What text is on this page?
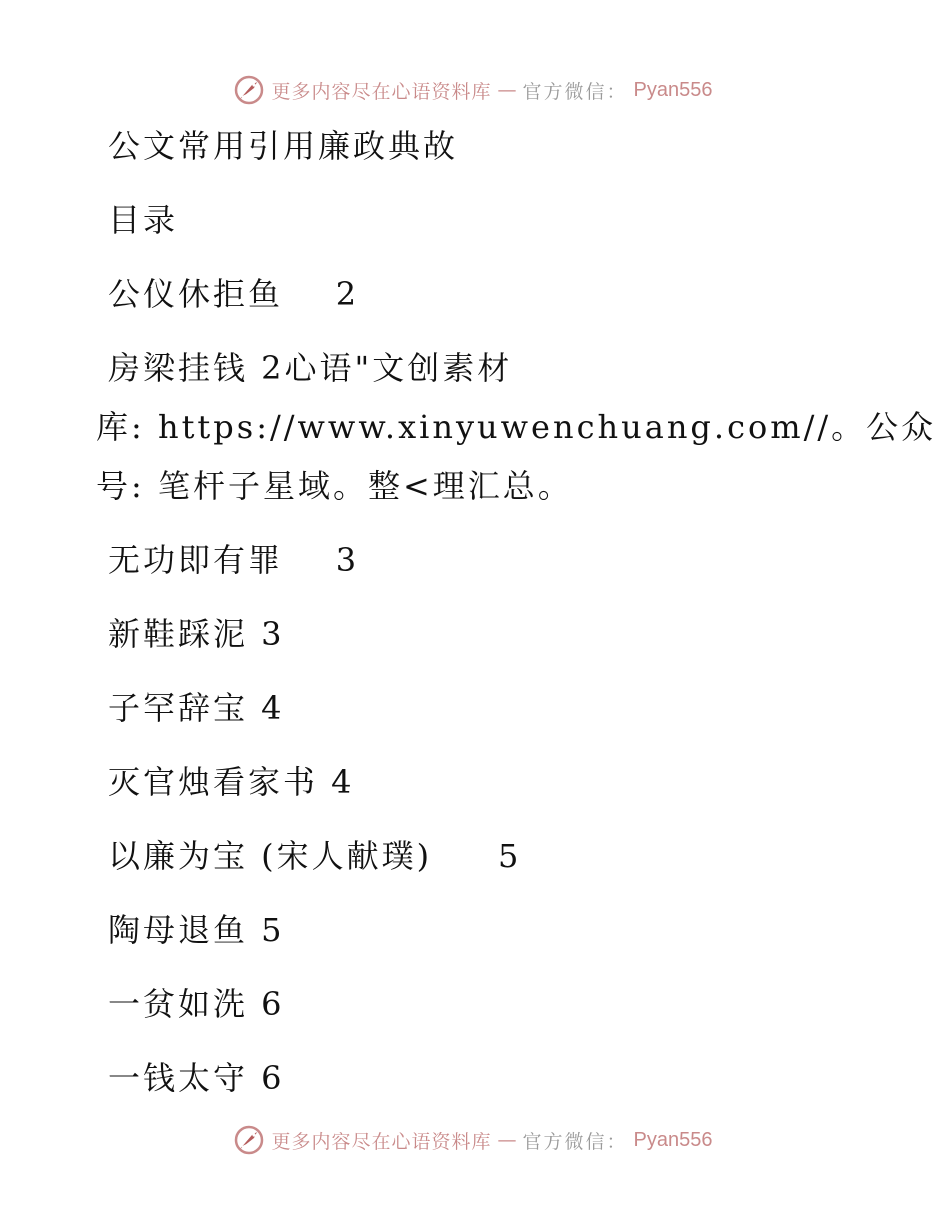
更多内容尽在心语资料库 — 官方微信： Pyan556
公文常用引用廉政典故
目录
公仪休拒鱼    2
房梁挂钱 2心语"文创素材
库: https://www.xinyuwenchuang.com//。公众
号: 笔杆子星域。整<理汇总。
无功即有罪    3
新鞋踩泥 3
子罕辞宝 4
灭官烛看家书 4
以廉为宝 (宋人献璞)     5
陶母退鱼 5
一贫如洗 6
一钱太守 6
更多内容尽在心语资料库 — 官方微信： Pyan556
